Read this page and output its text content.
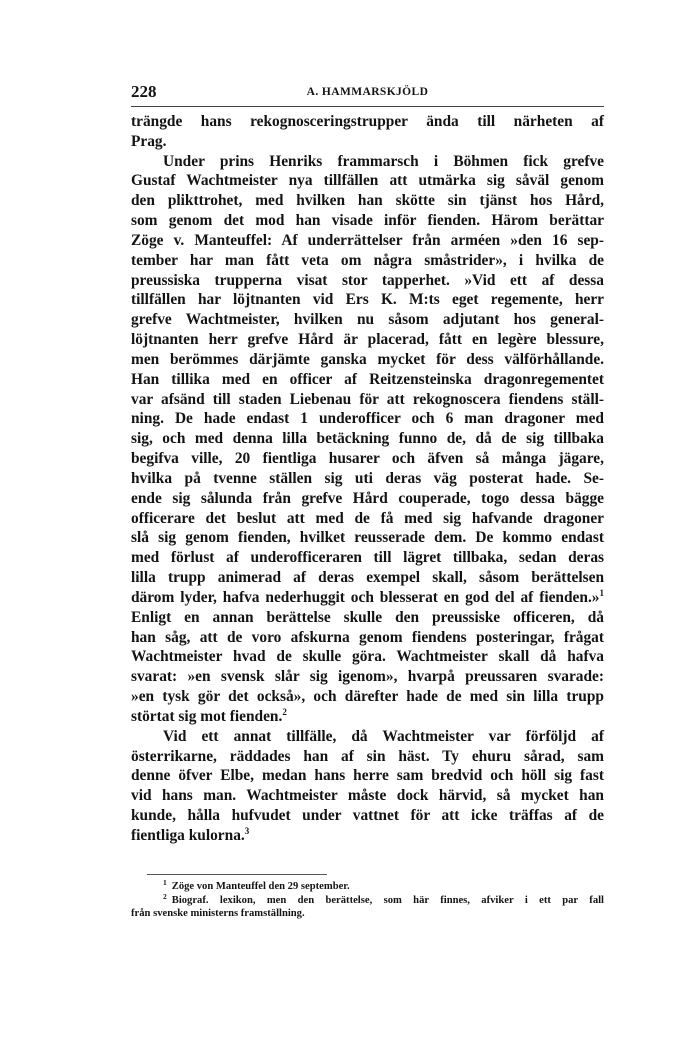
228	A. HAMMARSKJÖLD
trängde hans rekognosceringstrupper ända till närheten af
Prag.
Under prins Henriks frammarsch i Böhmen fick grefve
Gustaf Wachtmeister nya tillfällen att utmärka sig såväl genom
den plikttrohet, med hvilken han skötte sin tjänst hos Hård,
som genom det mod han visade inför fienden. Härom berättar
Zöge v. Manteuffel: Af underrättelser från arméen »den 16 sep-
tember har man fått veta om några småstrider», i hvilka de
preussiska trupperna visat stor tapperhet. »Vid ett af dessa
tillfällen har löjtnanten vid Ers K. M:ts eget regemente, herr
grefve Wachtmeister, hvilken nu såsom adjutant hos general-
löjtnanten herr grefve Hård är placerad, fått en legère blessure,
men berömmes därjämte ganska mycket för dess välförhållande.
Han tillika med en officer af Reitzensteinska dragonregementet
var afsänd till staden Liebenau för att rekognoscera fiendens ställ-
ning. De hade endast 1 underofficer och 6 man dragoner med
sig, och med denna lilla betäckning funno de, då de sig tillbaka
begifva ville, 20 fientliga husarer och äfven så många jägare,
hvilka på tvenne ställen sig uti deras väg posterat hade. Se-
ende sig sålunda från grefve Hård couperade, togo dessa bägge
officerare det beslut att med de få med sig hafvande dragoner
slå sig genom fienden, hvilket reusserade dem. De kommo endast
med förlust af underofficeraren till lägret tillbaka, sedan deras
lilla trupp animerad af deras exempel skall, såsom berättelsen
därom lyder, hafva nederhuggit och blesserat en god del af fienden.»$^1$
Enligt en annan berättelse skulle den preussiske officeren, då
han såg, att de voro afskurna genom fiendens posteringar, frågat
Wachtmeister hvad de skulle göra. Wachtmeister skall då hafva
svarat: »en svensk slår sig igenom», hvarpå preussaren svarade:
»en tysk gör det också», och därefter hade de med sin lilla trupp
störtat sig mot fienden.$^2$
Vid ett annat tillfälle, då Wachtmeister var förföljd af
österrikarne, räddades han af sin häst. Ty ehuru sårad, sam
denne öfver Elbe, medan hans herre sam bredvid och höll sig fast
vid hans man. Wachtmeister måste dock härvid, så mycket han
kunde, hålla hufvudet under vattnet för att icke träffas af de
fientliga kulorna.$^3$
$^1$ Zöge von Manteuffel den 29 september.
$^2$ Biograf. lexikon, men den berättelse, som här finnes, afviker i ett par fall
från svenske ministerns framställning.
